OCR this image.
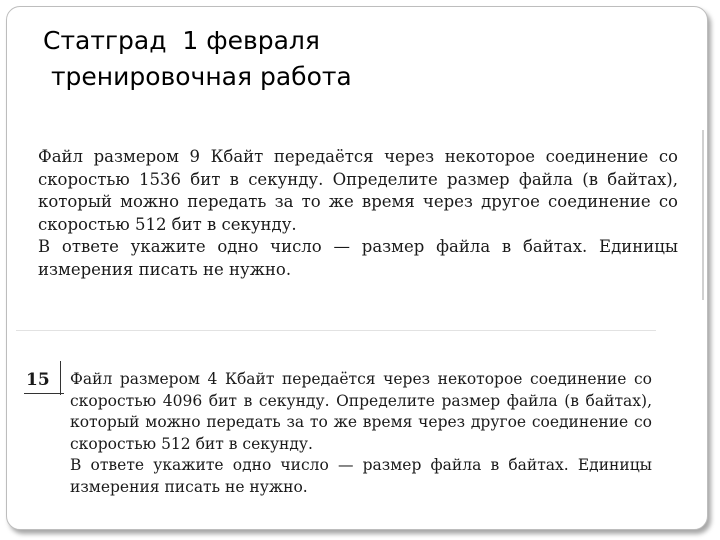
Статград  1 февраля
тренировочная работа

Файл размером 9 Кбайт передаётся через некоторое соединение со скоростью 1536 бит в секунду. Определите размер файла (в байтах), который можно передать за то же время через другое соединение со скоростью 512 бит в секунду.

В ответе укажите одно число — размер файла в байтах. Единицы измерения писать не нужно.

15	Файл размером 4 Кбайт передаётся через некоторое соединение со скоростью 4096 бит в секунду. Определите размер файла (в байтах), который можно передать за то же время через другое соединение со скоростью 512 бит в секунду.

В ответе укажите одно число — размер файла в байтах. Единицы измерения писать не нужно.
